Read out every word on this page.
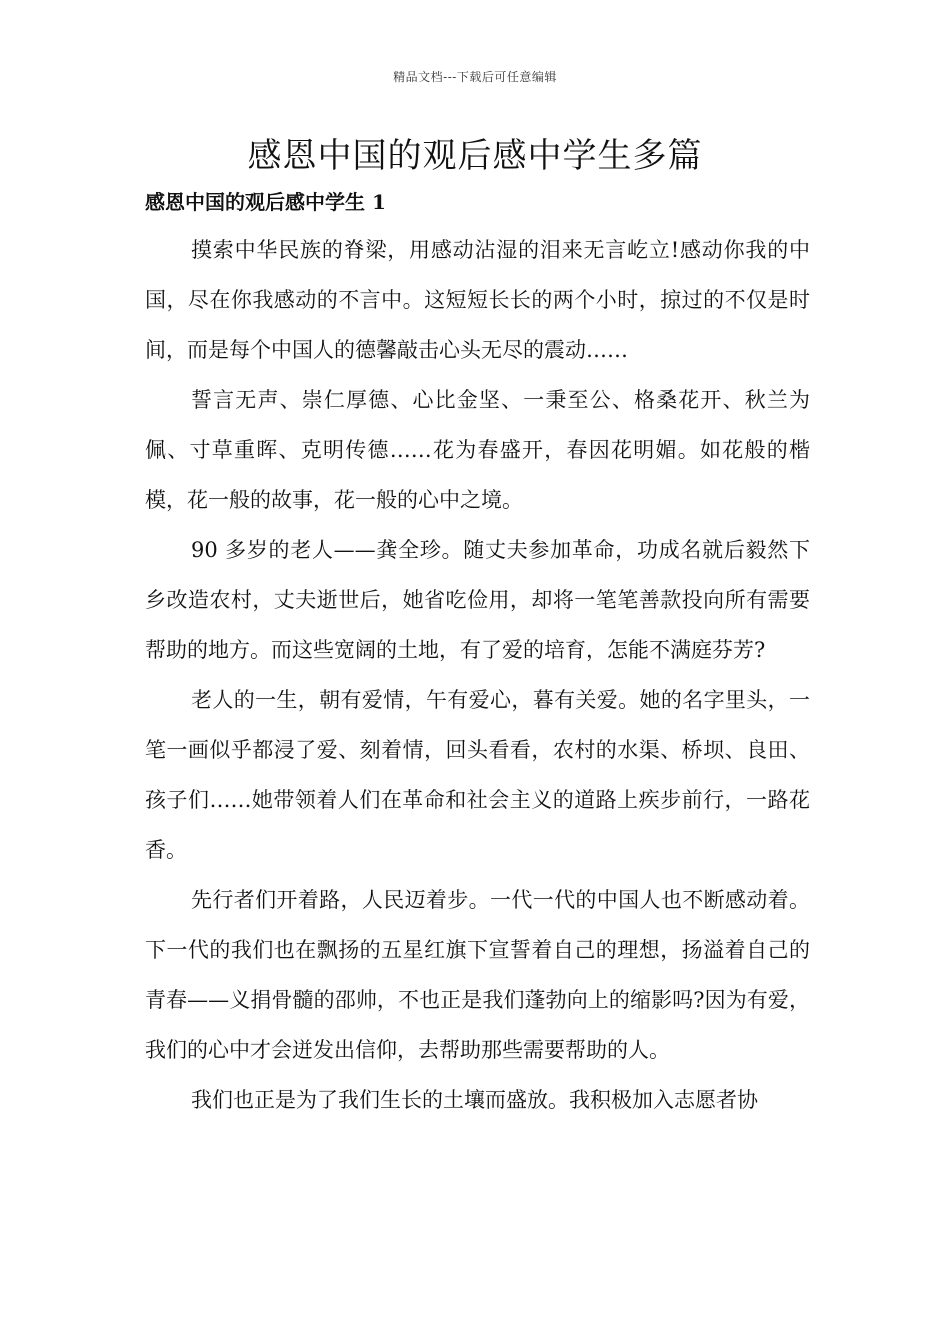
精品文档---下载后可任意编辑
感恩中国的观后感中学生多篇
感恩中国的观后感中学生 1

摸索中华民族的脊梁，用感动沾湿的泪来无言屹立!感动你我的中国，尽在你我感动的不言中。这短短长长的两个小时，掠过的不仅是时间，而是每个中国人的德馨敲击心头无尽的震动……

誓言无声、崇仁厚德、心比金坚、一秉至公、格桑花开、秋兰为佩、寸草重晖、克明传德……花为春盛开，春因花明媚。如花般的楷模，花一般的故事，花一般的心中之境。

90 多岁的老人——龚全珍。随丈夫参加革命，功成名就后毅然下乡改造农村，丈夫逝世后，她省吃俭用，却将一笔笔善款投向所有需要帮助的地方。而这些宽阔的土地，有了爱的培育，怎能不满庭芬芳?

老人的一生，朝有爱情，午有爱心，暮有关爱。她的名字里头，一笔一画似乎都浸了爱、刻着情，回头看看，农村的水渠、桥坝、良田、孩子们……她带领着人们在革命和社会主义的道路上疾步前行，一路花香。

先行者们开着路，人民迈着步。一代一代的中国人也不断感动着。下一代的我们也在飘扬的五星红旗下宣誓着自己的理想，扬溢着自己的青春——义捐骨髓的邵帅，不也正是我们蓬勃向上的缩影吗?因为有爱，我们的心中才会迸发出信仰，去帮助那些需要帮助的人。

我们也正是为了我们生长的土壤而盛放。我积极加入志愿者协
